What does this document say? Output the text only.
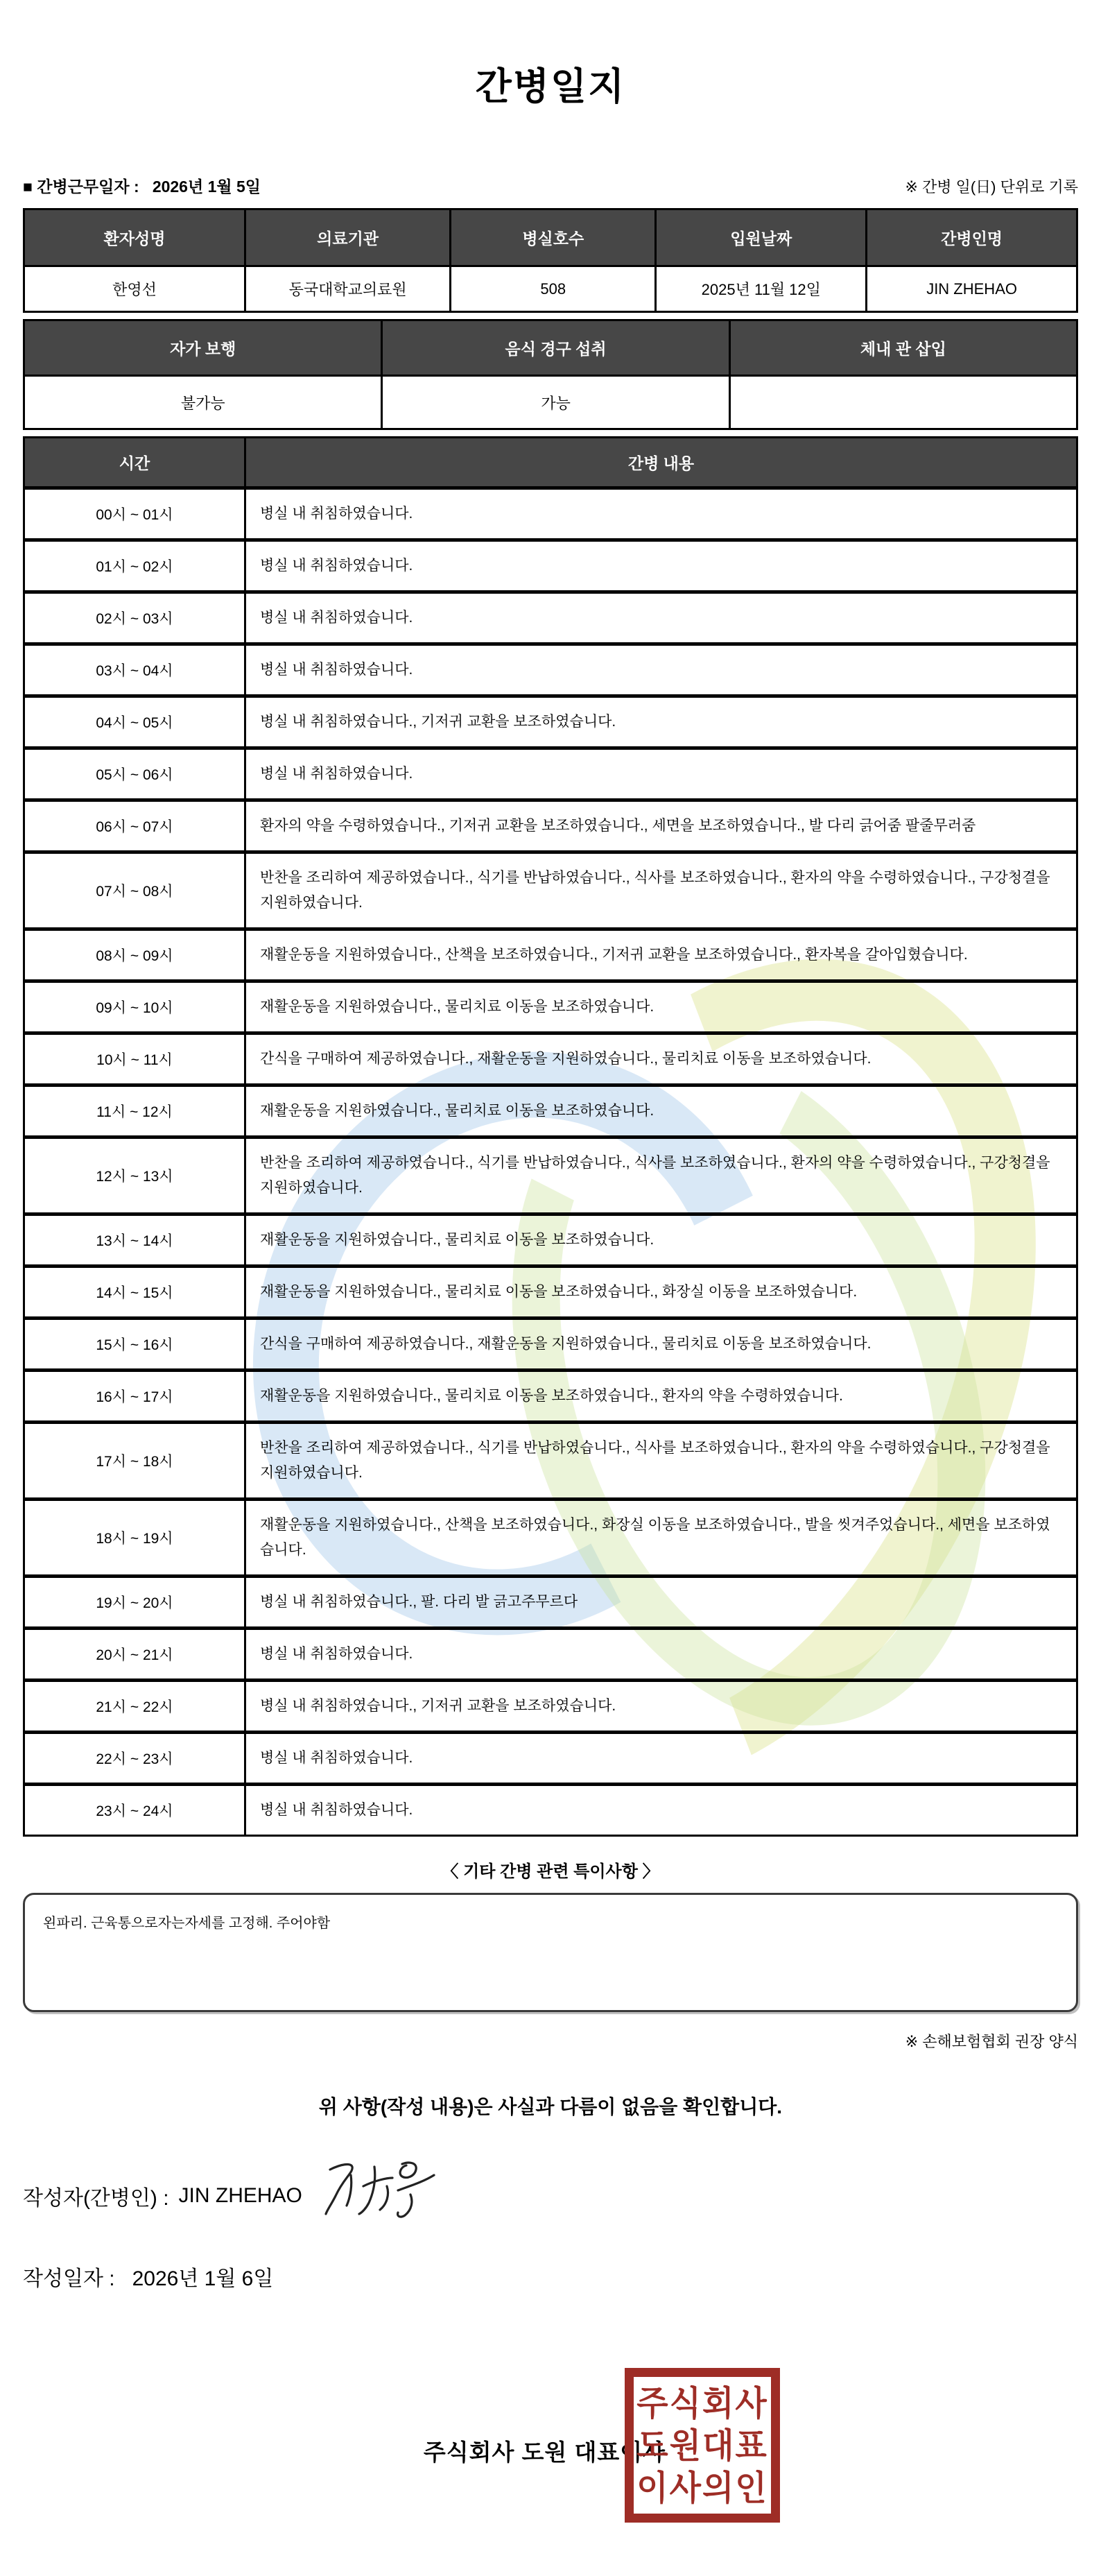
간병일지
■ 간병근무일자 : 2026년 1월 5일	※ 간병 일(日) 단위로 기록
환자성명	의료기관	병실호수	입원날짜	간병인명
한영선	동국대학교의료원	508	2025년 11월 12일	JIN ZHEHAO
자가 보행	음식 경구 섭취	체내 관 삽입
불가능	가능	
시간	간병 내용
00시 ~ 01시	병실 내 취침하였습니다.
01시 ~ 02시	병실 내 취침하였습니다.
02시 ~ 03시	병실 내 취침하였습니다.
03시 ~ 04시	병실 내 취침하였습니다.
04시 ~ 05시	병실 내 취침하였습니다., 기저귀 교환을 보조하였습니다.
05시 ~ 06시	병실 내 취침하였습니다.
06시 ~ 07시	환자의 약을 수령하였습니다., 기저귀 교환을 보조하였습니다., 세면을 보조하였습니다., 발 다리 긁어줌 팔줄무러줌
07시 ~ 08시	반찬을 조리하여 제공하였습니다., 식기를 반납하였습니다., 식사를 보조하였습니다., 환자의 약을 수령하였습니다., 구강청결을 지원하였습니다.
08시 ~ 09시	재활운동을 지원하였습니다., 산책을 보조하였습니다., 기저귀 교환을 보조하였습니다., 환자복을 갈아입혔습니다.
09시 ~ 10시	재활운동을 지원하였습니다., 물리치료 이동을 보조하였습니다.
10시 ~ 11시	간식을 구매하여 제공하였습니다., 재활운동을 지원하였습니다., 물리치료 이동을 보조하였습니다.
11시 ~ 12시	재활운동을 지원하였습니다., 물리치료 이동을 보조하였습니다.
12시 ~ 13시	반찬을 조리하여 제공하였습니다., 식기를 반납하였습니다., 식사를 보조하였습니다., 환자의 약을 수령하였습니다., 구강청결을 지원하였습니다.
13시 ~ 14시	재활운동을 지원하였습니다., 물리치료 이동을 보조하였습니다.
14시 ~ 15시	재활운동을 지원하였습니다., 물리치료 이동을 보조하였습니다., 화장실 이동을 보조하였습니다.
15시 ~ 16시	간식을 구매하여 제공하였습니다., 재활운동을 지원하였습니다., 물리치료 이동을 보조하였습니다.
16시 ~ 17시	재활운동을 지원하였습니다., 물리치료 이동을 보조하였습니다., 환자의 약을 수령하였습니다.
17시 ~ 18시	반찬을 조리하여 제공하였습니다., 식기를 반납하였습니다., 식사를 보조하였습니다., 환자의 약을 수령하였습니다., 구강청결을 지원하였습니다.
18시 ~ 19시	재활운동을 지원하였습니다., 산책을 보조하였습니다., 화장실 이동을 보조하였습니다., 발을 씻겨주었습니다., 세면을 보조하였습니다.
19시 ~ 20시	병실 내 취침하였습니다., 팔. 다리 발 긁고주무르다
20시 ~ 21시	병실 내 취침하였습니다.
21시 ~ 22시	병실 내 취침하였습니다., 기저귀 교환을 보조하였습니다.
22시 ~ 23시	병실 내 취침하였습니다.
23시 ~ 24시	병실 내 취침하였습니다.
〈 기타 간병 관련 특이사항 〉
왼파리. 근육통으로자는자세를 고정해. 주어야함
※ 손해보험협회 권장 양식
위 사항(작성 내용)은 사실과 다름이 없음을 확인합니다.
작성자(간병인) : JIN ZHEHAO
작성일자 : 2026년 1월 6일
주식회사 도원 대표이사
주식회사
도원대표
이사의인
